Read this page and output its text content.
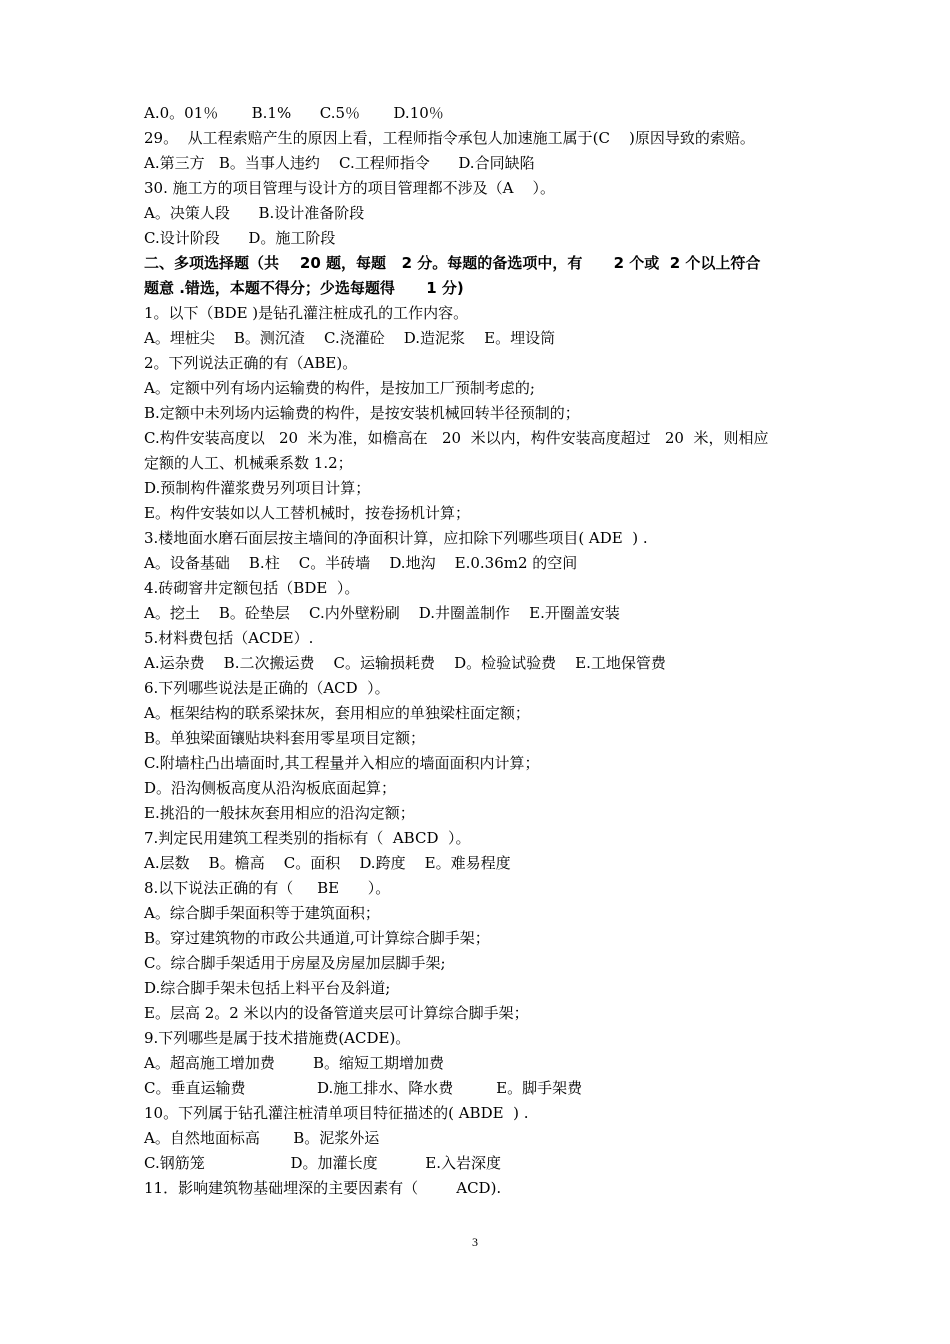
A.0。01％       B.1%      C.5％       D.10％
29。  从工程索赔产生的原因上看，工程师指令承包人加速施工属于(C    )原因导致的索赔。
A.第三方   B。当事人违约    C.工程师指令      D.合同缺陷
30. 施工方的项目管理与设计方的项目管理都不涉及（A    ）。
A。决策人段      B.设计准备阶段
C.设计阶段      D。施工阶段
二、多项选择题（共    20 题，每题   2 分。每题的备选项中，有      2 个或  2 个以上符合
题意 .错选，本题不得分；少选每题得      1 分)
1。以下（BDE )是钻孔灌注桩成孔的工作内容。
A。埋桩尖    B。测沉渣    C.浇灌砼    D.造泥浆    E。埋设筒
2。下列说法正确的有（ABE)。
A。定额中列有场内运输费的构件，是按加工厂预制考虑的;
B.定额中未列场内运输费的构件，是按安装机械回转半径预制的；
C.构件安装高度以   20  米为准，如檐高在   20  米以内，构件安装高度超过   20  米，则相应
定额的人工、机械乘系数 1.2；
D.预制构件灌浆费另列项目计算；
E。构件安装如以人工替机械时，按卷扬机计算；
3.楼地面水磨石面层按主墙间的净面积计算，应扣除下列哪些项目( ADE  ) .
A。设备基础    B.柱    C。半砖墙    D.地沟    E.0.36m2 的空间
4.砖砌窨井定额包括（BDE  ）。
A。挖土    B。砼垫层    C.内外壁粉刷    D.井圈盖制作    E.开圈盖安装
5.材料费包括（ACDE）.
A.运杂费    B.二次搬运费    C。运输损耗费    D。检验试验费    E.工地保管费
6.下列哪些说法是正确的（ACD  ）。
A。框架结构的联系梁抹灰，套用相应的单独梁柱面定额；
B。单独梁面镶贴块料套用零星项目定额；
C.附墙柱凸出墙面时,其工程量并入相应的墙面面积内计算；
D。沿沟侧板高度从沿沟板底面起算；
E.挑沿的一般抹灰套用相应的沿沟定额；
7.判定民用建筑工程类别的指标有（  ABCD  ）。
A.层数    B。檐高    C。面积    D.跨度    E。难易程度
8.以下说法正确的有（     BE      ）。
A。综合脚手架面积等于建筑面积；
B。穿过建筑物的市政公共通道,可计算综合脚手架；
C。综合脚手架适用于房屋及房屋加层脚手架;
D.综合脚手架未包括上料平台及斜道;
E。层高 2。2 米以内的设备管道夹层可计算综合脚手架；
9.下列哪些是属于技术措施费(ACDE)。
A。超高施工增加费        B。缩短工期增加费
C。垂直运输费               D.施工排水、降水费         E。脚手架费
10。下列属于钻孔灌注桩清单项目特征描述的( ABDE  ) .
A。自然地面标高       B。泥浆外运
C.钢筋笼                  D。加灌长度          E.入岩深度
11．影响建筑物基础埋深的主要因素有（        ACD).
3
